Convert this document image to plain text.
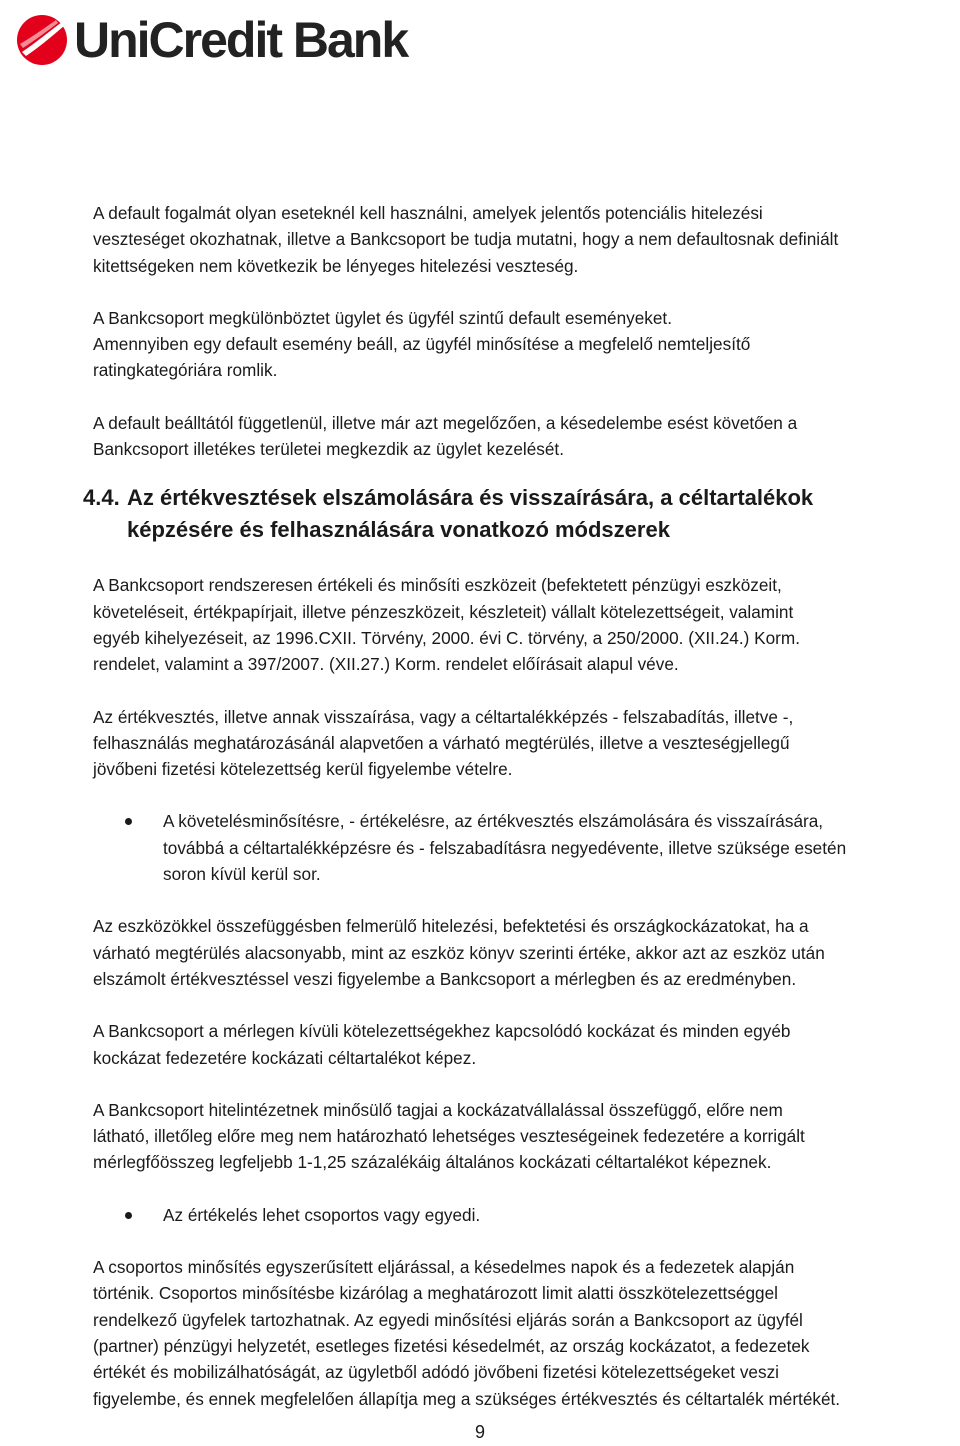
UniCredit Bank

A default fogalmát olyan eseteknél kell használni, amelyek jelentős potenciális hitelezési
veszteséget okozhatnak, illetve a Bankcsoport be tudja mutatni, hogy a nem defaultosnak definiált
kitettségeken nem következik be lényeges hitelezési veszteség.

A Bankcsoport megkülönböztet ügylet és ügyfél szintű default eseményeket.
Amennyiben egy default esemény beáll, az ügyfél minősítése a megfelelő nemteljesítő
ratingkategóriára romlik.

A default beálltától függetlenül, illetve már azt megelőzően, a késedelembe esést követően a
Bankcsoport illetékes területei megkezdik az ügylet kezelését.

4.4. Az értékvesztések elszámolására és visszaírására, a céltartalékok
képzésére és felhasználására vonatkozó módszerek

A Bankcsoport rendszeresen értékeli és minősíti eszközeit (befektetett pénzügyi eszközeit,
követeléseit, értékpapírjait, illetve pénzeszközeit, készleteit) vállalt kötelezettségeit, valamint
egyéb kihelyezéseit, az 1996.CXII. Törvény, 2000. évi C. törvény, a 250/2000. (XII.24.) Korm.
rendelet, valamint a 397/2007. (XII.27.) Korm. rendelet előírásait alapul véve.

Az értékvesztés, illetve annak visszaírása, vagy a céltartalékképzés - felszabadítás, illetve -,
felhasználás meghatározásánál alapvetően a várható megtérülés, illetve a veszteségjellegű
jövőbeni fizetési kötelezettség kerül figyelembe vételre.

A követelésminősítésre, - értékelésre, az értékvesztés elszámolására és visszaírására,
továbbá a céltartalékképzésre és - felszabadításra negyedévente, illetve szüksége esetén
soron kívül kerül sor.

Az eszközökkel összefüggésben felmerülő hitelezési, befektetési és országkockázatokat, ha a
várható megtérülés alacsonyabb, mint az eszköz könyv szerinti értéke, akkor azt az eszköz után
elszámolt értékvesztéssel veszi figyelembe a Bankcsoport a mérlegben és az eredményben.

A Bankcsoport a mérlegen kívüli kötelezettségekhez kapcsolódó kockázat és minden egyéb
kockázat fedezetére kockázati céltartalékot képez.

A Bankcsoport hitelintézetnek minősülő tagjai a kockázatvállalással összefüggő, előre nem
látható, illetőleg előre meg nem határozható lehetséges veszteségeinek fedezetére a korrigált
mérlegfőösszeg legfeljebb 1-1,25 százalékáig általános kockázati céltartalékot képeznek.

Az értékelés lehet csoportos vagy egyedi.

A csoportos minősítés egyszerűsített eljárással, a késedelmes napok és a fedezetek alapján
történik. Csoportos minősítésbe kizárólag a meghatározott limit alatti összkötelezettséggel
rendelkező ügyfelek tartozhatnak. Az egyedi minősítési eljárás során a Bankcsoport az ügyfél
(partner) pénzügyi helyzetét, esetleges fizetési késedelmét, az ország kockázatot, a fedezetek
értékét és mobilizálhatóságát, az ügyletből adódó jövőbeni fizetési kötelezettségeket veszi
figyelembe, és ennek megfelelően állapítja meg a szükséges értékvesztés és céltartalék mértékét.

9
